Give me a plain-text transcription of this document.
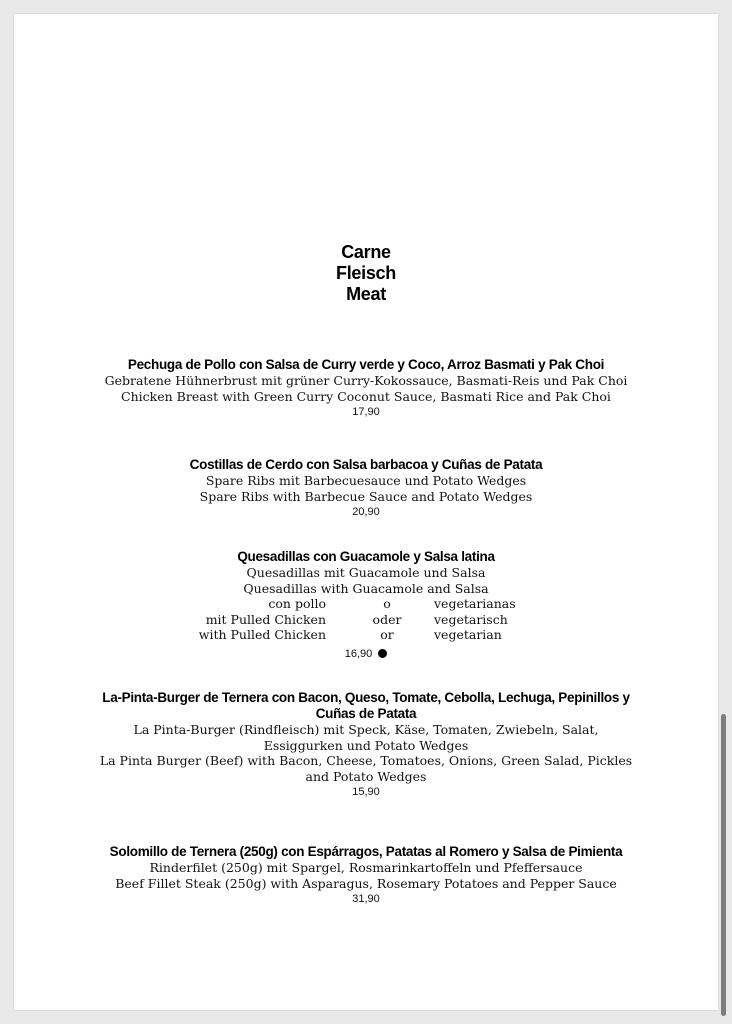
Carne
Fleisch
Meat
Pechuga de Pollo con Salsa de Curry verde y Coco, Arroz Basmati y Pak Choi
Gebratene Hühnerbrust mit grüner Curry-Kokossauce, Basmati-Reis und Pak Choi
Chicken Breast with Green Curry Coconut Sauce, Basmati Rice and Pak Choi
17,90
Costillas de Cerdo con Salsa barbacoa y Cuñas de Patata
Spare Ribs mit Barbecuesauce und Potato Wedges
Spare Ribs with Barbecue Sauce and Potato Wedges
20,90
Quesadillas con Guacamole y Salsa latina
Quesadillas mit Guacamole und Salsa
Quesadillas with Guacamole and Salsa
con pollo	o	vegetarianas
mit Pulled Chicken	oder	vegetarisch
with Pulled Chicken	or	vegetarian
16,90
La-Pinta-Burger de Ternera con Bacon, Queso, Tomate, Cebolla, Lechuga, Pepinillos y Cuñas de Patata
La Pinta-Burger (Rindfleisch) mit Speck, Käse, Tomaten, Zwiebeln, Salat, Essiggurken und Potato Wedges
La Pinta Burger (Beef) with Bacon, Cheese, Tomatoes, Onions, Green Salad, Pickles and Potato Wedges
15,90
Solomillo de Ternera (250g) con Espárragos, Patatas al Romero y Salsa de Pimienta
Rinderfilet (250g) mit Spargel, Rosmarinkartoffeln und Pfeffersauce
Beef Fillet Steak (250g) with Asparagus, Rosemary Potatoes and Pepper Sauce
31,90
